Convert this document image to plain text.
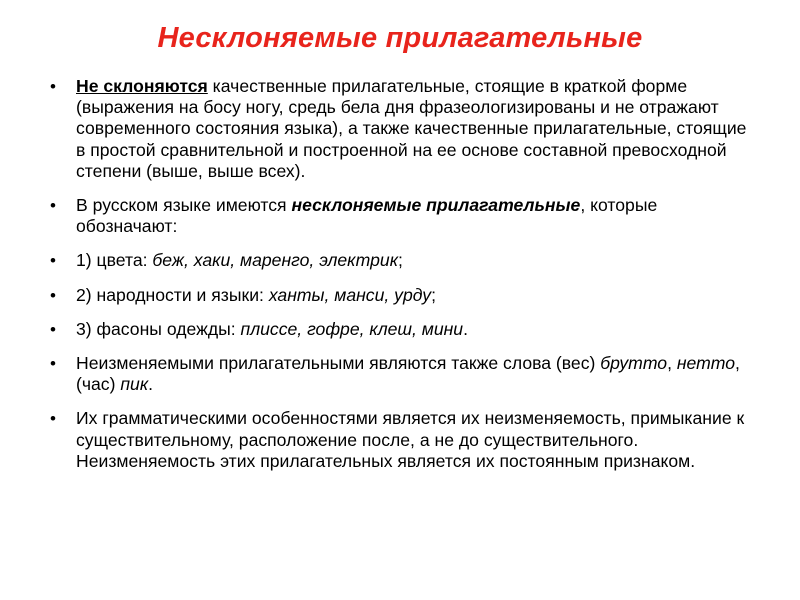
Несклоняемые прилагательные
• Не склоняются качественные прилагательные, стоящие в краткой форме (выражения на босу ногу, средь бела дня фразеологизированы и не отражают современного состояния языка), а также качественные прилагательные, стоящие в простой сравнительной и построенной на ее основе составной превосходной степени (выше, выше всех).
• В русском языке имеются несклоняемые прилагательные, которые обозначают:
• 1) цвета: беж, хаки, маренго, электрик;
• 2) народности и языки: ханты, манси, урду;
• 3) фасоны одежды: плиссе, гофре, клеш, мини.
• Неизменяемыми прилагательными являются также слова (вес) брутто, нетто, (час) пик.
• Их грамматическими особенностями является их неизменяемость, примыкание к существительному, расположение после, а не до существительного. Неизменяемость этих прилагательных является их постоянным признаком.
